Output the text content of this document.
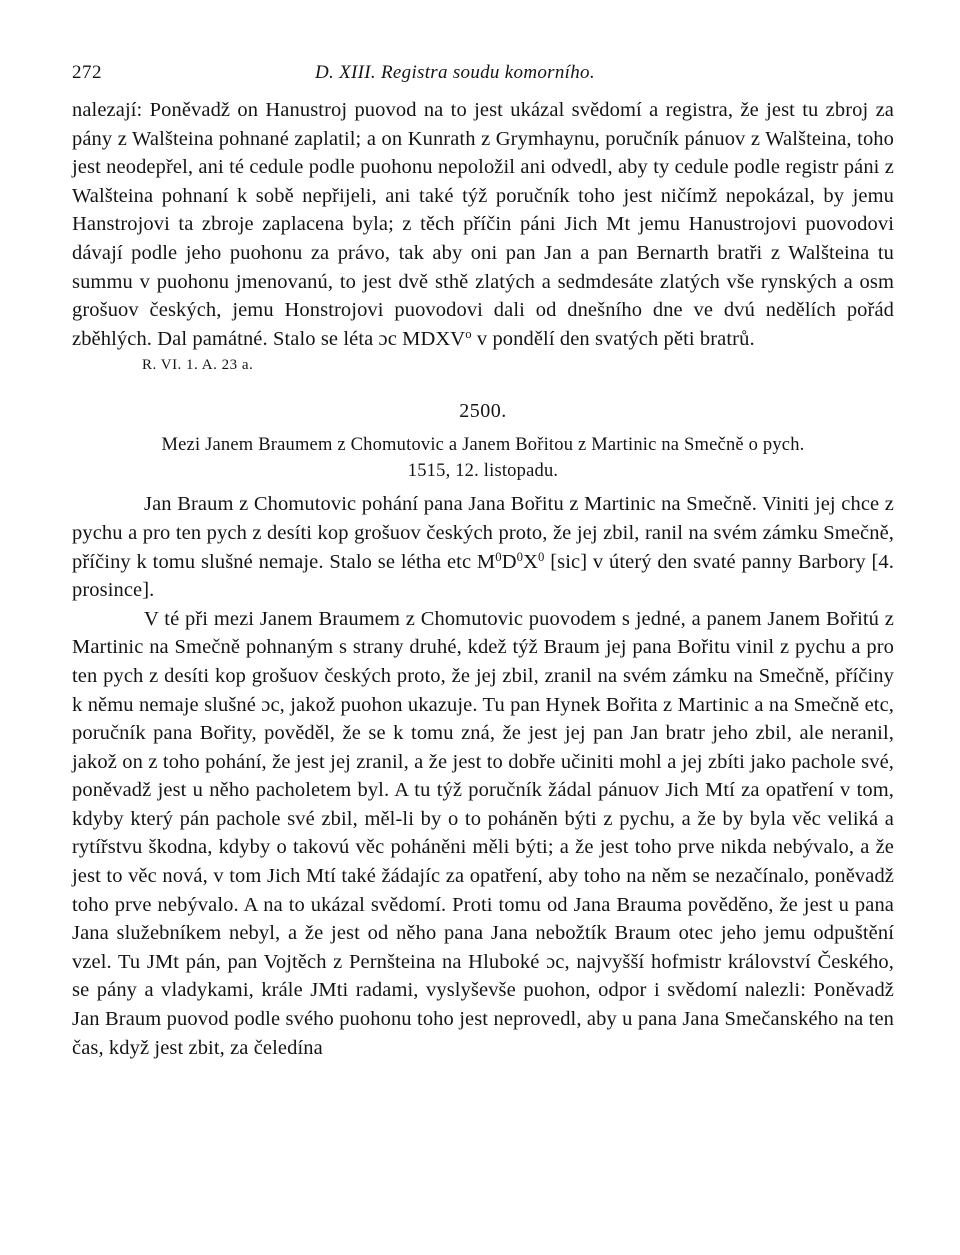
272	D. XIII. Registra soudu komorního.

nalezají: Poněvadž on Hanustroj puovod na to jest ukázal svědomí a registra, že jest tu zbroj za pány z Walšteina pohnané zaplatil; a on Kunrath z Grymhaynu, poručník pánuov z Walšteina, toho jest neodepřel, ani té cedule podle puohonu nepoložil ani odvedl, aby ty cedule podle registr páni z Walšteina pohnaní k sobě nepřijeli, ani také týž poručník toho jest ničímž nepokázal, by jemu Hanstrojovi ta zbroje zaplacena byla; z těch příčin páni Jich Mt jemu Hanustrojovi puovodovi dávají podle jeho puohonu za právo, tak aby oni pan Jan a pan Bernarth bratři z Walšteina tu summu v puohonu jmenovanú, to jest dvě sthě zlatých a sedmdesáte zlatých vše rynských a osm grošuov českých, jemu Honstrojovi puovodovi dali od dnešního dne ve dvú nedělích pořád zběhlých. Dal památné. Stalo se léta ɔc MDXV$^o$ v pondělí den svatých pěti bratrů.

R. VI. 1. A. 23 a.
2500.
Mezi Janem Braumem z Chomutovic a Janem Bořitou z Martinic na Smečně o pych.
1515, 12. listopadu.

Jan Braum z Chomutovic pohání pana Jana Bořitu z Martinic na Smečně. Viniti jej chce z pychu a pro ten pych z desíti kop grošuov českých proto, že jej zbil, ranil na svém zámku Smečně, příčiny k tomu slušné nemaje. Stalo se létha etc $M^0D^0X^0$ [sic] v úterý den svaté panny Barbory [4. prosince].

V té při mezi Janem Braumem z Chomutovic puovodem s jedné, a panem Janem Bořitú z Martinic na Smečně pohnaným s strany druhé, kdež týž Braum jej pana Bořitu vinil z pychu a pro ten pych z desíti kop grošuov českých proto, že jej zbil, zranil na svém zámku na Smečně, příčiny k němu nemaje slušné ɔc, jakož puohon ukazuje. Tu pan Hynek Bořita z Martinic a na Smečně etc, poručník pana Bořity, pověděl, že se k tomu zná, že jest jej pan Jan bratr jeho zbil, ale neranil, jakož on z toho pohání, že jest jej zranil, a že jest to dobře učiniti mohl a jej zbíti jako pachole své, poněvadž jest u něho pacholetem byl. A tu týž poručník žádal pánuov Jich Mtí za opatření v tom, kdyby který pán pachole své zbil, měl-li by o to poháněn býti z pychu, a že by byla věc veliká a rytířstvu škodna, kdyby o takovú věc poháněni měli býti; a že jest toho prve nikda nebývalo, a že jest to věc nová, v tom Jich Mtí také žádajíc za opatření, aby toho na něm se nezačínalo, poněvadž toho prve nebývalo. A na to ukázal svědomí. Proti tomu od Jana Brauma pověděno, že jest u pana Jana služebníkem nebyl, a že jest od něho pana Jana nebožtík Braum otec jeho jemu odpuštění vzel. Tu JMt pán, pan Vojtěch z Pernšteina na Hluboké ɔc, najvyšší hofmistr království Českého, se pány a vladykami, krále JMti radami, vyslyševše puohon, odpor i svědomí nalezli: Poněvadž Jan Braum puovod podle svého puohonu toho jest neprovedl, aby u pana Jana Smečanského na ten čas, když jest zbit, za čeledína
